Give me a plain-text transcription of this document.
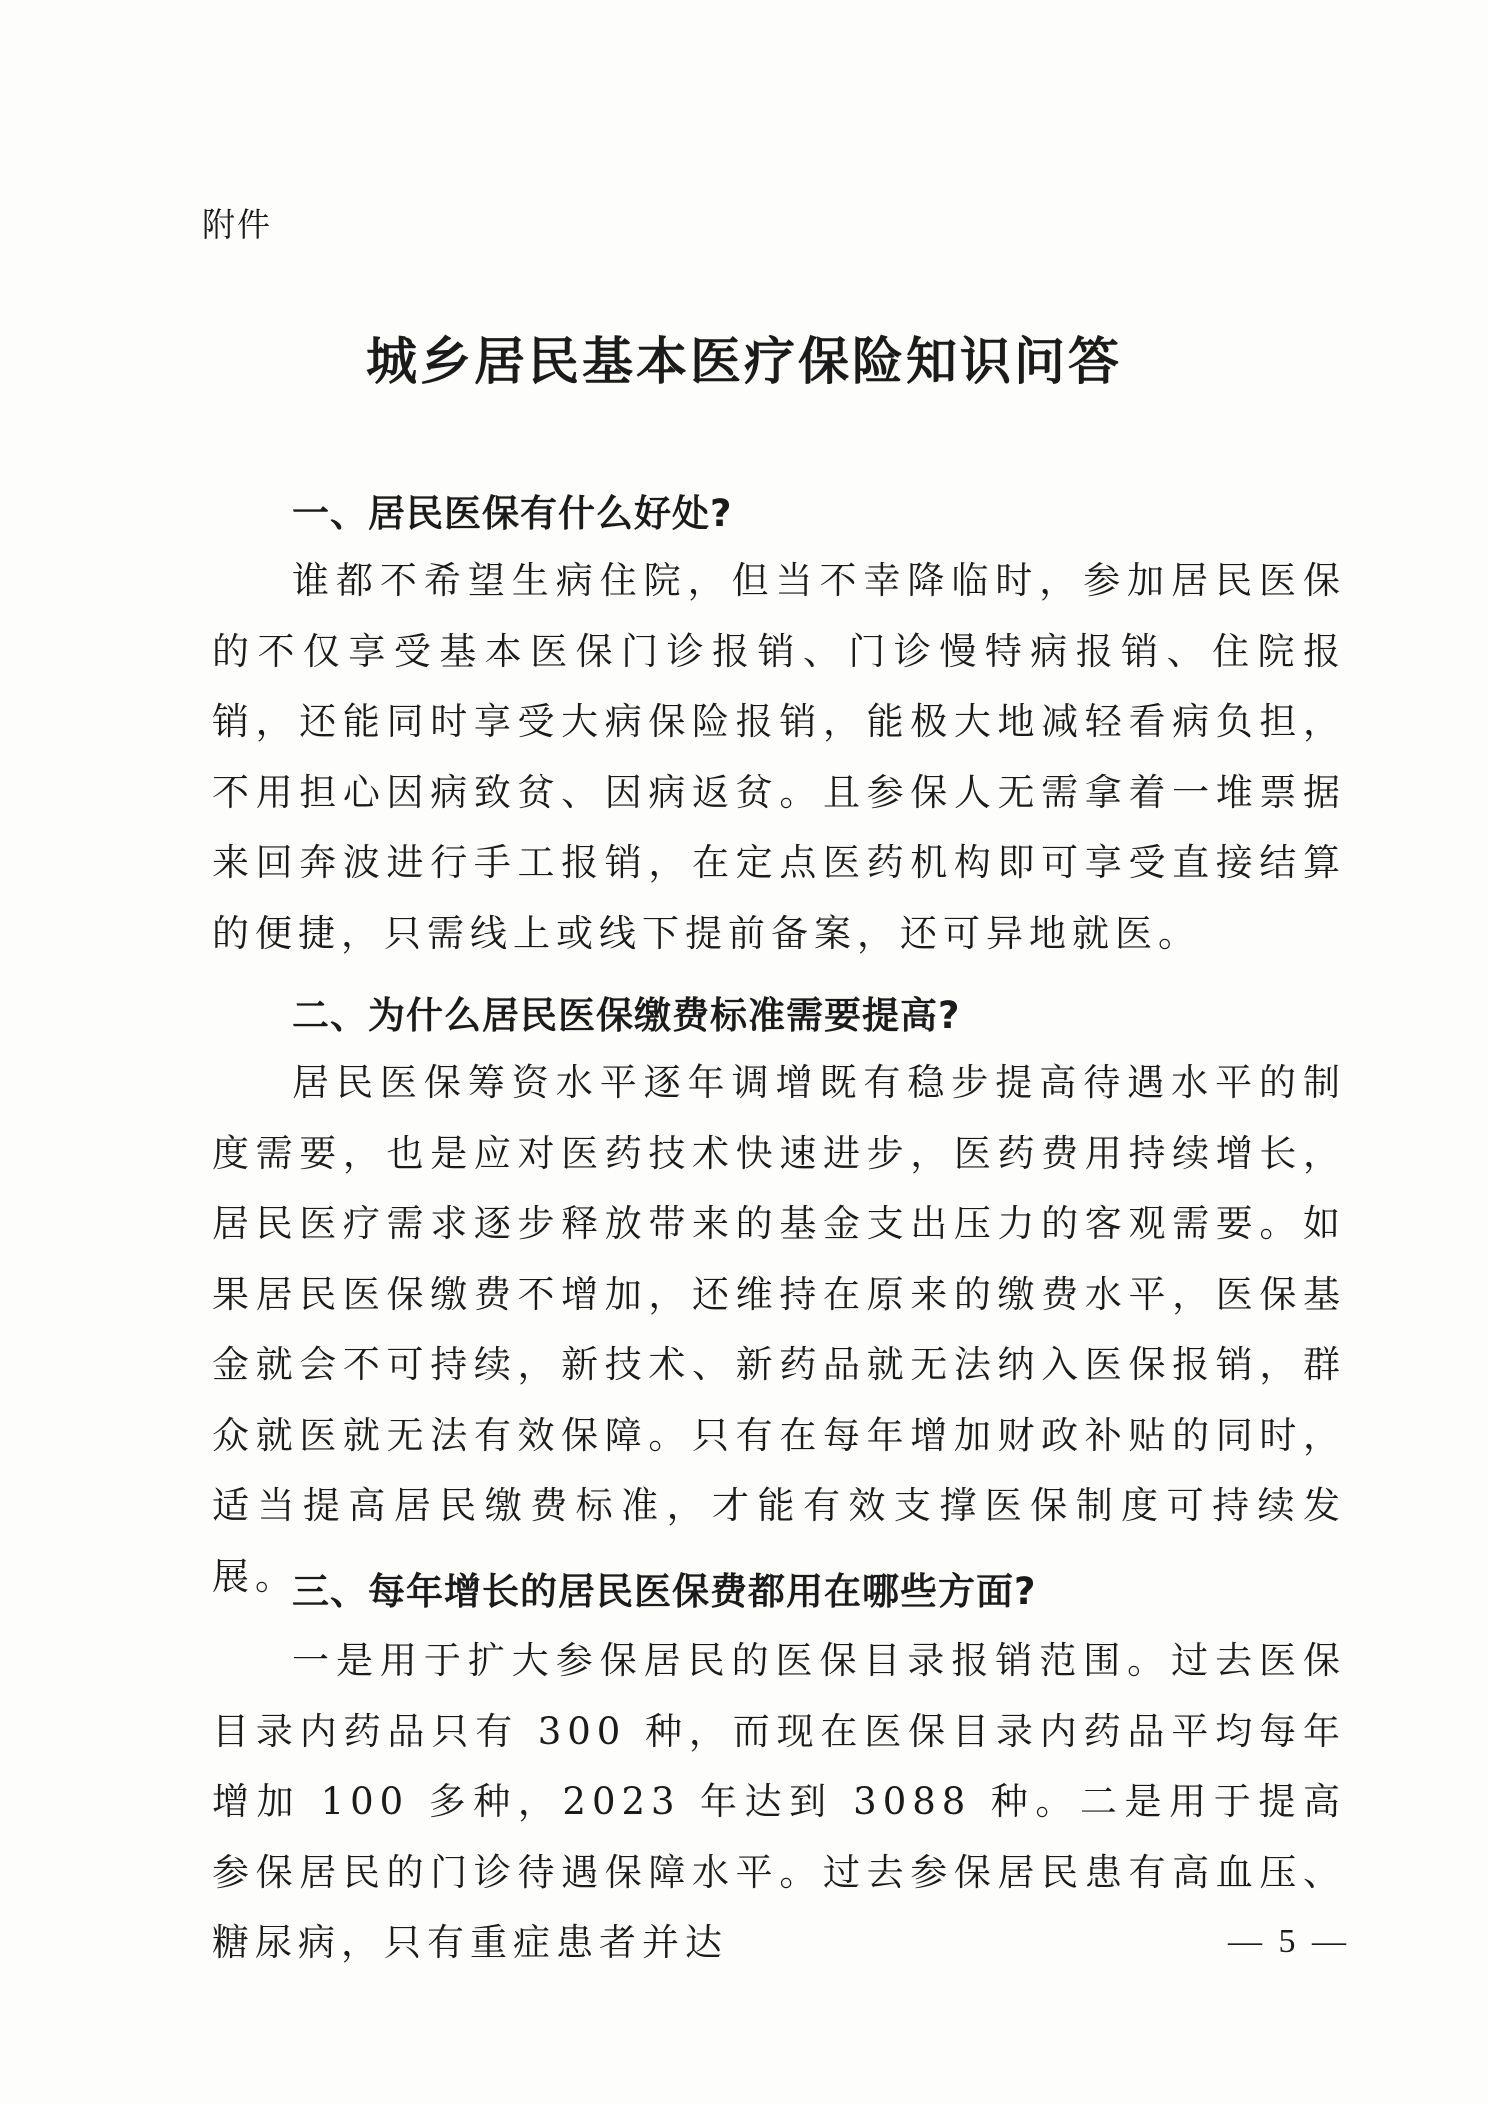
附件
城乡居民基本医疗保险知识问答
一、居民医保有什么好处?
谁都不希望生病住院，但当不幸降临时，参加居民医保的不仅享受基本医保门诊报销、门诊慢特病报销、住院报销，还能同时享受大病保险报销，能极大地减轻看病负担，不用担心因病致贫、因病返贫。且参保人无需拿着一堆票据来回奔波进行手工报销，在定点医药机构即可享受直接结算的便捷，只需线上或线下提前备案，还可异地就医。
二、为什么居民医保缴费标准需要提高?
居民医保筹资水平逐年调增既有稳步提高待遇水平的制度需要，也是应对医药技术快速进步，医药费用持续增长，居民医疗需求逐步释放带来的基金支出压力的客观需要。如果居民医保缴费不增加，还维持在原来的缴费水平，医保基金就会不可持续，新技术、新药品就无法纳入医保报销，群众就医就无法有效保障。只有在每年增加财政补贴的同时，适当提高居民缴费标准，才能有效支撑医保制度可持续发展。
三、每年增长的居民医保费都用在哪些方面?
一是用于扩大参保居民的医保目录报销范围。过去医保目录内药品只有 300 种，而现在医保目录内药品平均每年增加 100 多种，2023 年达到 3088 种。二是用于提高参保居民的门诊待遇保障水平。过去参保居民患有高血压、糖尿病，只有重症患者并达	— 5 —
